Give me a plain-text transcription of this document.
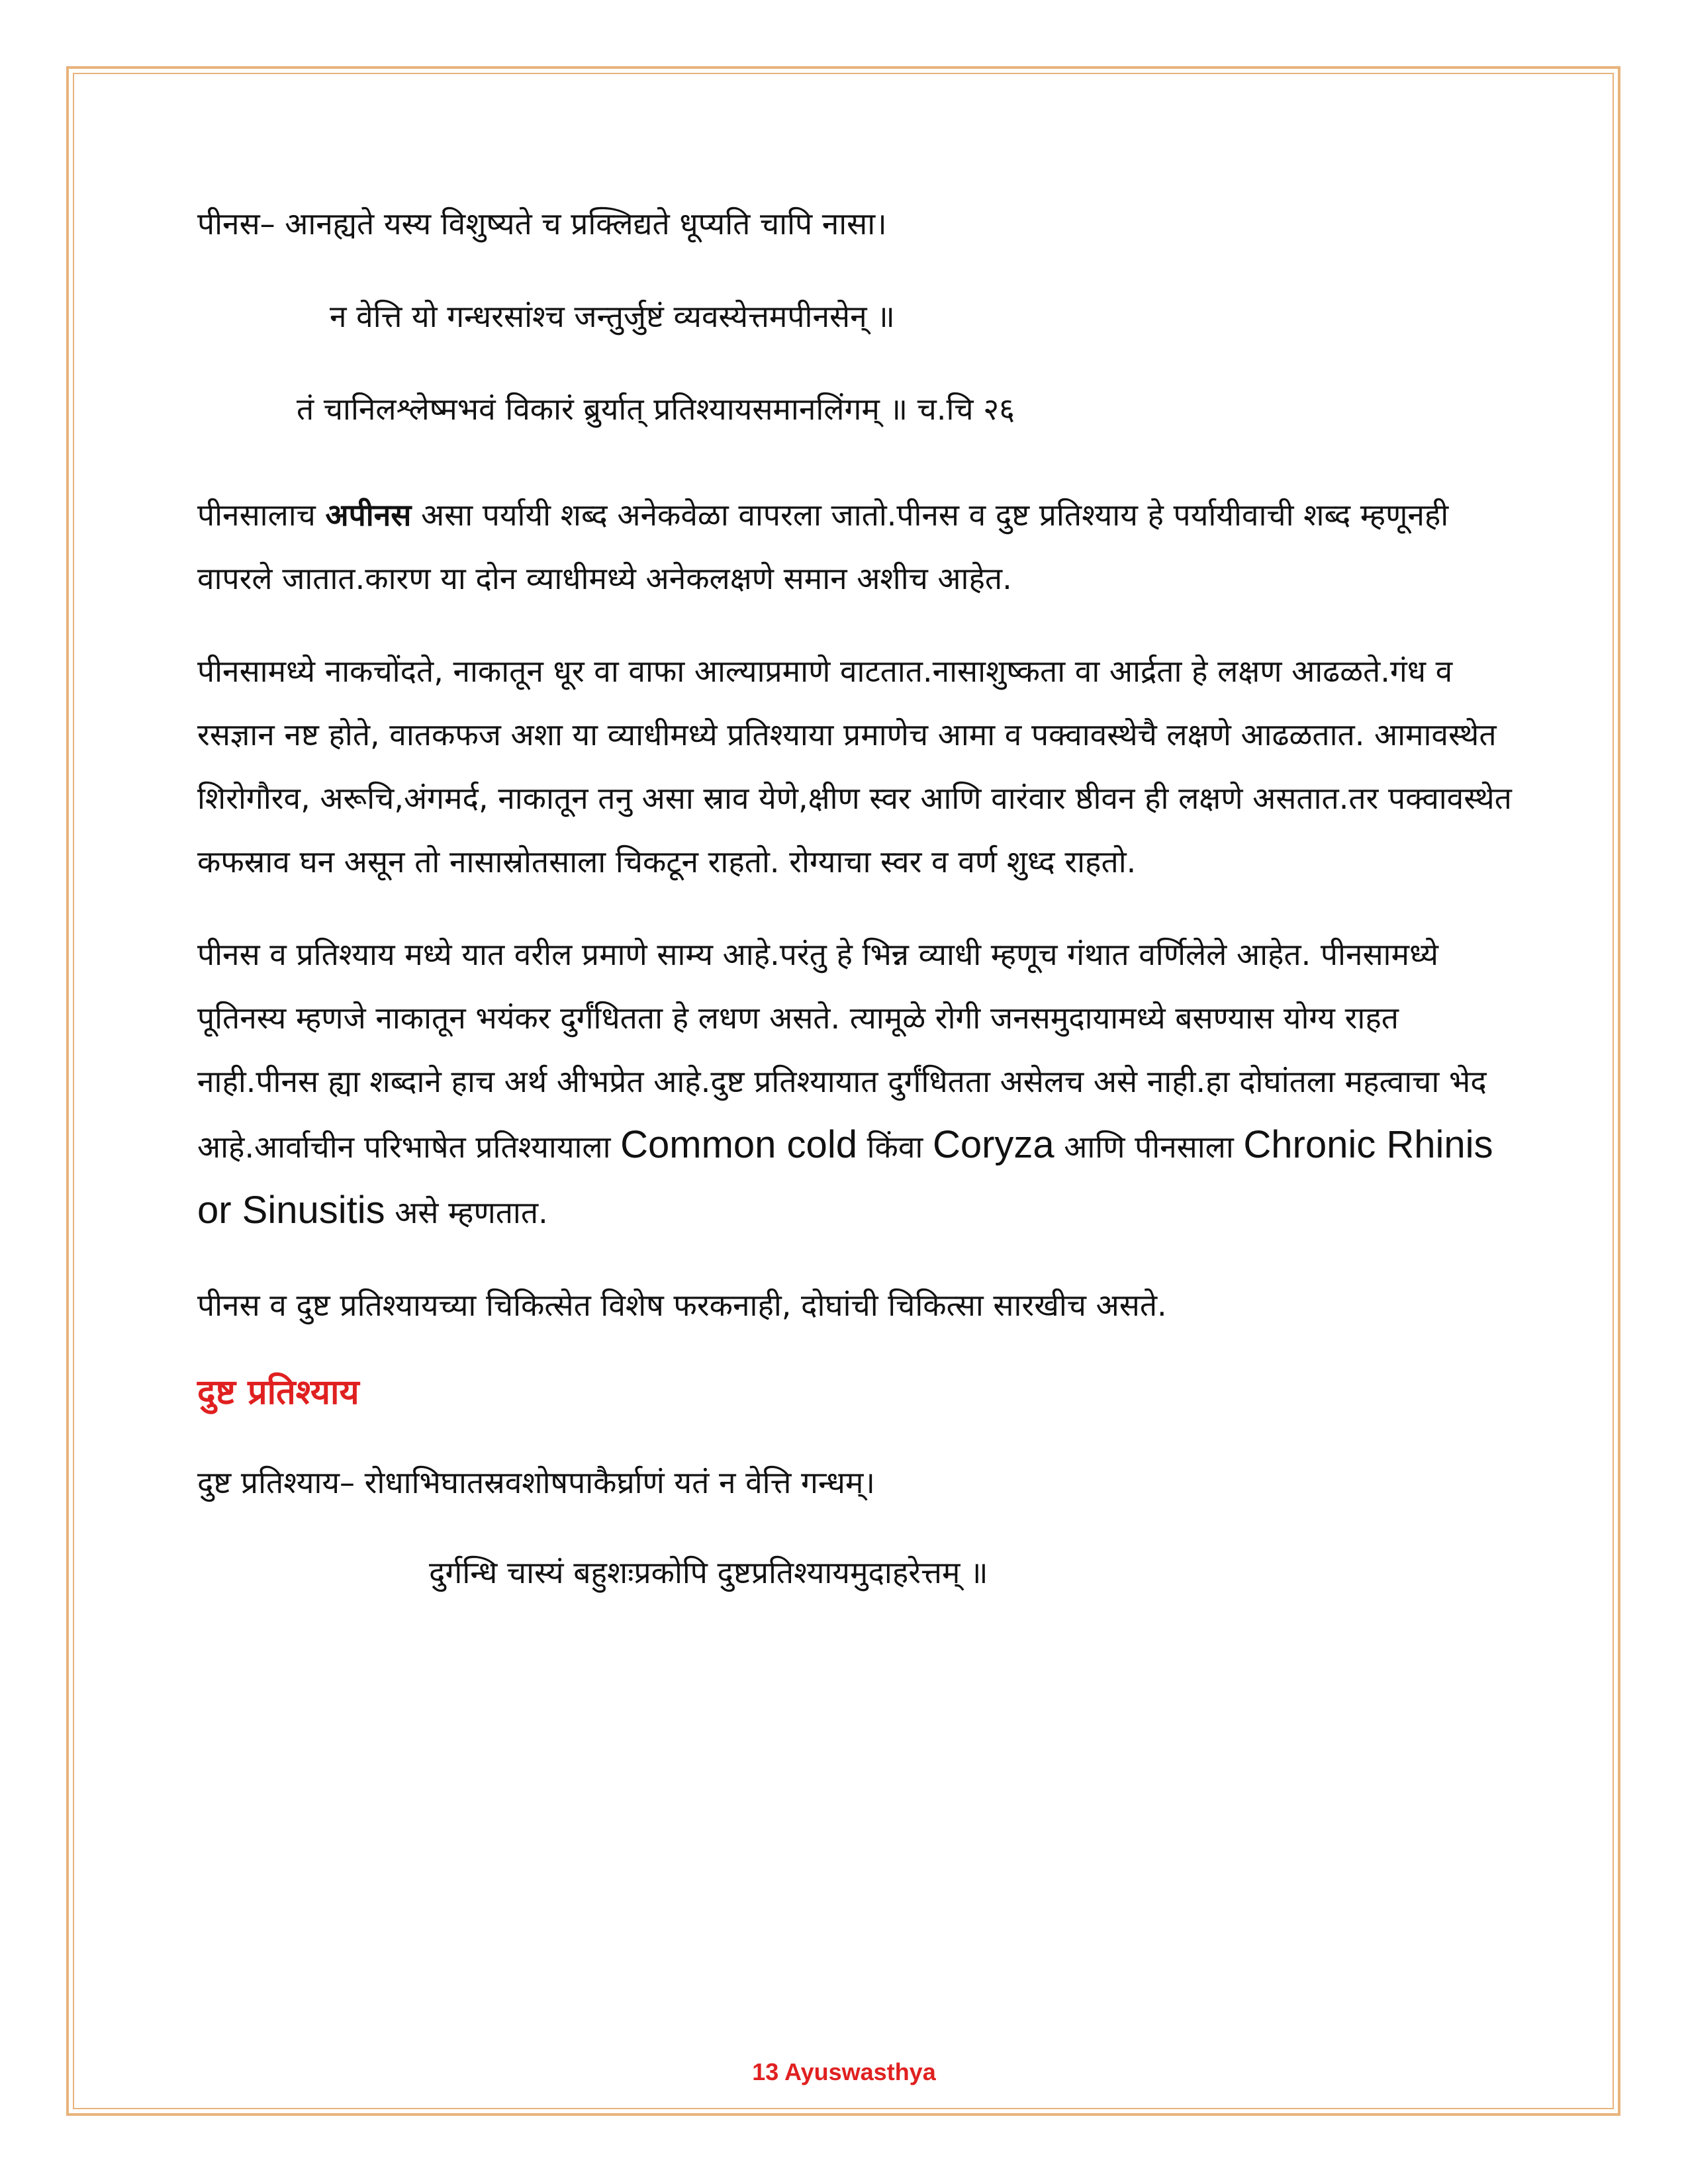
पीनस– आनह्यते यस्य विशुष्यते च प्रक्लिद्यते धूप्यति चापि नासा।

न वेत्ति यो गन्धरसांश्च जन्तुर्जुष्टं व्यवस्येत्तमपीनसेन् ॥

तं चानिलश्लेष्मभवं विकारं ब्रुर्यात् प्रतिश्यायसमानलिंगम् ॥ च.चि २६

पीनसालाच अपीनस असा पर्यायी शब्द अनेकवेळा वापरला जातो.पीनस व दुष्ट प्रतिश्याय हे पर्यायीवाची शब्द म्हणूनही वापरले जातात.कारण या दोन व्याधीमध्ये अनेकलक्षणे समान अशीच आहेत.

पीनसामध्ये नाकचोंदते, नाकातून धूर वा वाफा आल्याप्रमाणे वाटतात.नासाशुष्कता वा आर्द्रता हे लक्षण आढळते.गंध व रसज्ञान नष्ट होते, वातकफज अशा या व्याधीमध्ये प्रतिश्याया प्रमाणेच आमा व पक्वावस्थेचै लक्षणे आढळतात. आमावस्थेत शिरोगौरव, अरूचि,अंगमर्द, नाकातून तनु असा स्राव येणे,क्षीण स्वर आणि वारंवार ष्ठीवन ही लक्षणे असतात.तर पक्वावस्थेत कफस्राव घन असून तो नासास्रोतसाला चिकटून राहतो. रोग्याचा स्वर व वर्ण शुध्द राहतो.

पीनस व प्रतिश्याय मध्ये यात वरील प्रमाणे साम्य आहे.परंतु हे भिन्न व्याधी म्हणूच गंथात वर्णिलेले आहेत. पीनसामध्ये पूतिनस्य म्हणजे नाकातून भयंकर दुर्गंधितता हे लधण असते. त्यामूळे रोगी जनसमुदायामध्ये बसण्यास योग्य राहत नाही.पीनस ह्या शब्दाने हाच अर्थ अीभप्रेत आहे.दुष्ट प्रतिश्यायात दुर्गंधितता असेलच असे नाही.हा दोघांतला महत्वाचा भेद आहे.आर्वाचीन परिभाषेत प्रतिश्यायाला Common cold किंवा Coryza आणि पीनसाला Chronic Rhinis or Sinusitis असे म्हणतात.

पीनस व दुष्ट प्रतिश्यायच्या चिकित्सेत विशेष फरकनाही, दोघांची चिकित्सा सारखीच असते.

दुष्ट प्रतिश्याय

दुष्ट प्रतिश्याय– रोधाभिघातस्रवशोषपाकैर्घ्राणं यतं न वेत्ति गन्धम्।

दुर्गन्धि चास्यं बहुशःप्रकोपि दुष्टप्रतिश्यायमुदाहरेत्तम् ॥

13 Ayuswasthya
